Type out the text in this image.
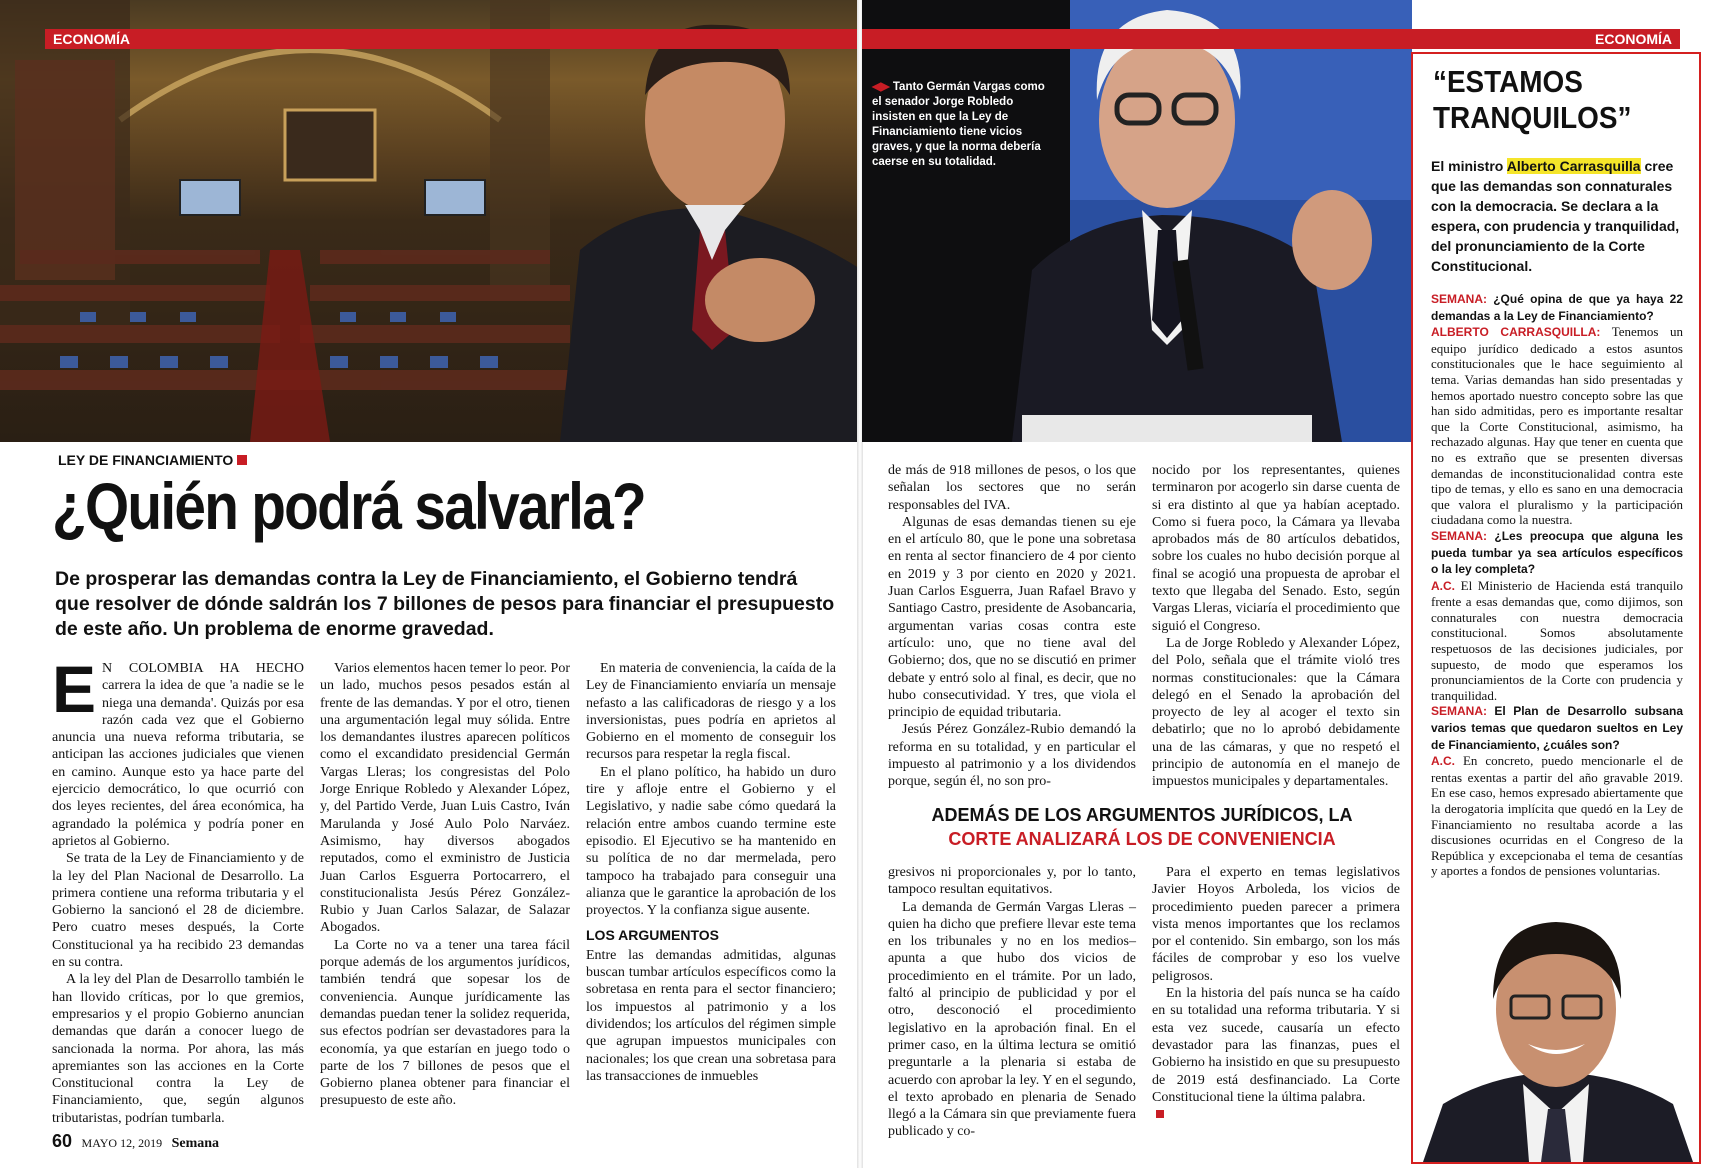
ECONOMÍA
LEY DE FINANCIAMIENTO
¿Quién podrá salvarla?
De prosperar las demandas contra la Ley de Financiamiento, el Gobierno tendrá que resolver de dónde saldrán los 7 billones de pesos para financiar el presupuesto de este año. Un problema de enorme gravedad.
E N COLOMBIA HA HECHO carrera la idea de que 'a nadie se le niega una demanda'. Quizás por esa razón cada vez que el Gobierno anuncia una nueva reforma tributaria, se anticipan las acciones judiciales que vienen en camino. Aunque esto ya hace parte del ejercicio democrático, lo que ocurrió con dos leyes recientes, del área económica, ha agrandado la polémica y podría poner en aprietos al Gobierno.

Se trata de la Ley de Financiamiento y de la ley del Plan Nacional de Desarrollo. La primera contiene una reforma tributaria y el Gobierno la sancionó el 28 de diciembre. Pero cuatro meses después, la Corte Constitucional ya ha recibido 23 demandas en su contra.

A la ley del Plan de Desarrollo también le han llovido críticas, por lo que gremios, empresarios y el propio Gobierno anuncian demandas que darán a conocer luego de sancionada la norma. Por ahora, las más apremiantes son las acciones en la Corte Constitucional contra la Ley de Financiamiento, que, según algunos tributaristas, podrían tumbarla.

Varios elementos hacen temer lo peor. Por un lado, muchos pesos pesados están al frente de las demandas. Y por el otro, tienen una argumentación legal muy sólida. Entre los demandantes ilustres aparecen políticos como el excandidato presidencial Germán Vargas Lleras; los congresistas del Polo Jorge Enrique Robledo y Alexander López, y, del Partido Verde, Juan Luis Castro, Iván Marulanda y José Aulo Polo Narváez. Asimismo, hay diversos abogados reputados, como el exministro de Justicia Juan Carlos Esguerra Portocarrero, el constitucionalista Jesús Pérez González-Rubio y Juan Carlos Salazar, de Salazar Abogados.

La Corte no va a tener una tarea fácil porque además de los argumentos jurídicos, también tendrá que sopesar los de conveniencia. Aunque jurídicamente las demandas puedan tener la solidez requerida, sus efectos podrían ser devastadores para la economía, ya que estarían en juego todo o parte de los 7 billones de pesos que el Gobierno planea obtener para financiar el presupuesto de este año.

En materia de conveniencia, la caída de la Ley de Financiamiento enviaría un mensaje nefasto a las calificadoras de riesgo y a los inversionistas, pues podría en aprietos al Gobierno en el momento de conseguir los recursos para respetar la regla fiscal.

En el plano político, ha habido un duro tire y afloje entre el Gobierno y el Legislativo, y nadie sabe cómo quedará la relación entre ambos cuando termine este episodio. El Ejecutivo se ha mantenido en su política de no dar mermelada, pero tampoco ha trabajado para conseguir una alianza que le garantice la aprobación de los proyectos. Y la confianza sigue ausente.

LOS ARGUMENTOS

Entre las demandas admitidas, algunas buscan tumbar artículos específicos como la sobretasa en renta para el sector financiero; los impuestos al patrimonio y a los dividendos; los artículos del régimen simple que agrupan impuestos municipales con nacionales; los que crean una sobretasa para las transacciones de inmuebles

60 MAYO 12, 2019 Semana
◀▶ Tanto Germán Vargas como el senador Jorge Robledo insisten en que la Ley de Financiamiento tiene vicios graves, y que la norma debería caerse en su totalidad.
ECONOMÍA

de más de 918 millones de pesos, o los que señalan los sectores que no serán responsables del IVA.

Algunas de esas demandas tienen su eje en el artículo 80, que le pone una sobretasa en renta al sector financiero de 4 por ciento en 2019 y 3 por ciento en 2020 y 2021. Juan Carlos Esguerra, Juan Rafael Bravo y Santiago Castro, presidente de Asobancaria, argumentan varias cosas contra este artículo: uno, que no tiene aval del Gobierno; dos, que no se discutió en primer debate y entró solo al final, es decir, que no hubo consecutividad. Y tres, que viola el principio de equidad tributaria.

Jesús Pérez González-Rubio demandó la reforma en su totalidad, y en particular el impuesto al patrimonio y a los dividendos porque, según él, no son pro-

nocido por los representantes, quienes terminaron por acogerlo sin darse cuenta de si era distinto al que ya habían aceptado. Como si fuera poco, la Cámara ya llevaba aprobados más de 80 artículos debatidos, sobre los cuales no hubo decisión porque al final se acogió una propuesta de aprobar el texto que llegaba del Senado. Esto, según Vargas Lleras, viciaría el procedimiento que siguió el Congreso.

La de Jorge Robledo y Alexander López, del Polo, señala que el trámite violó tres normas constitucionales: que la Cámara delegó en el Senado la aprobación del proyecto de ley al acoger el texto sin debatirlo; que no lo aprobó debidamente una de las cámaras, y que no respetó el principio de autonomía en el manejo de impuestos municipales y departamentales.

ADEMÁS DE LOS ARGUMENTOS JURÍDICOS, LA
CORTE ANALIZARÁ LOS DE CONVENIENCIA

gresivos ni proporcionales y, por lo tanto, tampoco resultan equitativos.

La demanda de Germán Vargas Lleras –quien ha dicho que prefiere llevar este tema en los tribunales y no en los medios– apunta a que hubo dos vicios de procedimiento en el trámite. Por un lado, faltó al principio de publicidad y por el otro, desconoció el procedimiento legislativo en la aprobación final. En el primer caso, en la última lectura se omitió preguntarle a la plenaria si estaba de acuerdo con aprobar la ley. Y en el segundo, el texto aprobado en plenaria de Senado llegó a la Cámara sin que previamente fuera publicado y co-

Para el experto en temas legislativos Javier Hoyos Arboleda, los vicios de procedimiento pueden parecer a primera vista menos importantes que los reclamos por el contenido. Sin embargo, son los más fáciles de comprobar y eso los vuelve peligrosos.

En la historia del país nunca se ha caído en su totalidad una reforma tributaria. Y si esta vez sucede, causaría un efecto devastador para las finanzas, pues el Gobierno ha insistido en que su presupuesto de 2019 está desfinanciado. La Corte Constitucional tiene la última palabra.

“ESTAMOS
TRANQUILOS”
El ministro Alberto Carrasquilla cree que las demandas son connaturales con la democracia. Se declara a la espera, con prudencia y tranquilidad, del pronunciamiento de la Corte Constitucional.

SEMANA: ¿Qué opina de que ya haya 22 demandas a la Ley de Financiamiento?

ALBERTO CARRASQUILLA: Tenemos un equipo jurídico dedicado a estos asuntos constitucionales que le hace seguimiento al tema. Varias demandas han sido presentadas y hemos aportado nuestro concepto sobre las que han sido admitidas, pero es importante resaltar que la Corte Constitucional, asimismo, ha rechazado algunas. Hay que tener en cuenta que no es extraño que se presenten diversas demandas de inconstitucionalidad contra este tipo de temas, y ello es sano en una democracia que valora el pluralismo y la participación ciudadana como la nuestra.

SEMANA: ¿Les preocupa que alguna les pueda tumbar ya sea artículos específicos o la ley completa?

A.C. El Ministerio de Hacienda está tranquilo frente a esas demandas que, como dijimos, son connaturales con nuestra democracia constitucional. Somos absolutamente respetuosos de las decisiones judiciales, por supuesto, de modo que esperamos los pronunciamientos de la Corte con prudencia y tranquilidad.

SEMANA: El Plan de Desarrollo subsana varios temas que quedaron sueltos en Ley de Financiamiento, ¿cuáles son?

A.C. En concreto, puedo mencionarle el de rentas exentas a partir del año gravable 2019. En ese caso, hemos expresado abiertamente que la derogatoria implícita que quedó en la Ley de Financiamiento no resultaba acorde a las discusiones ocurridas en el Congreso de la República y excepcionaba el tema de cesantías y aportes a fondos de pensiones voluntarias.
